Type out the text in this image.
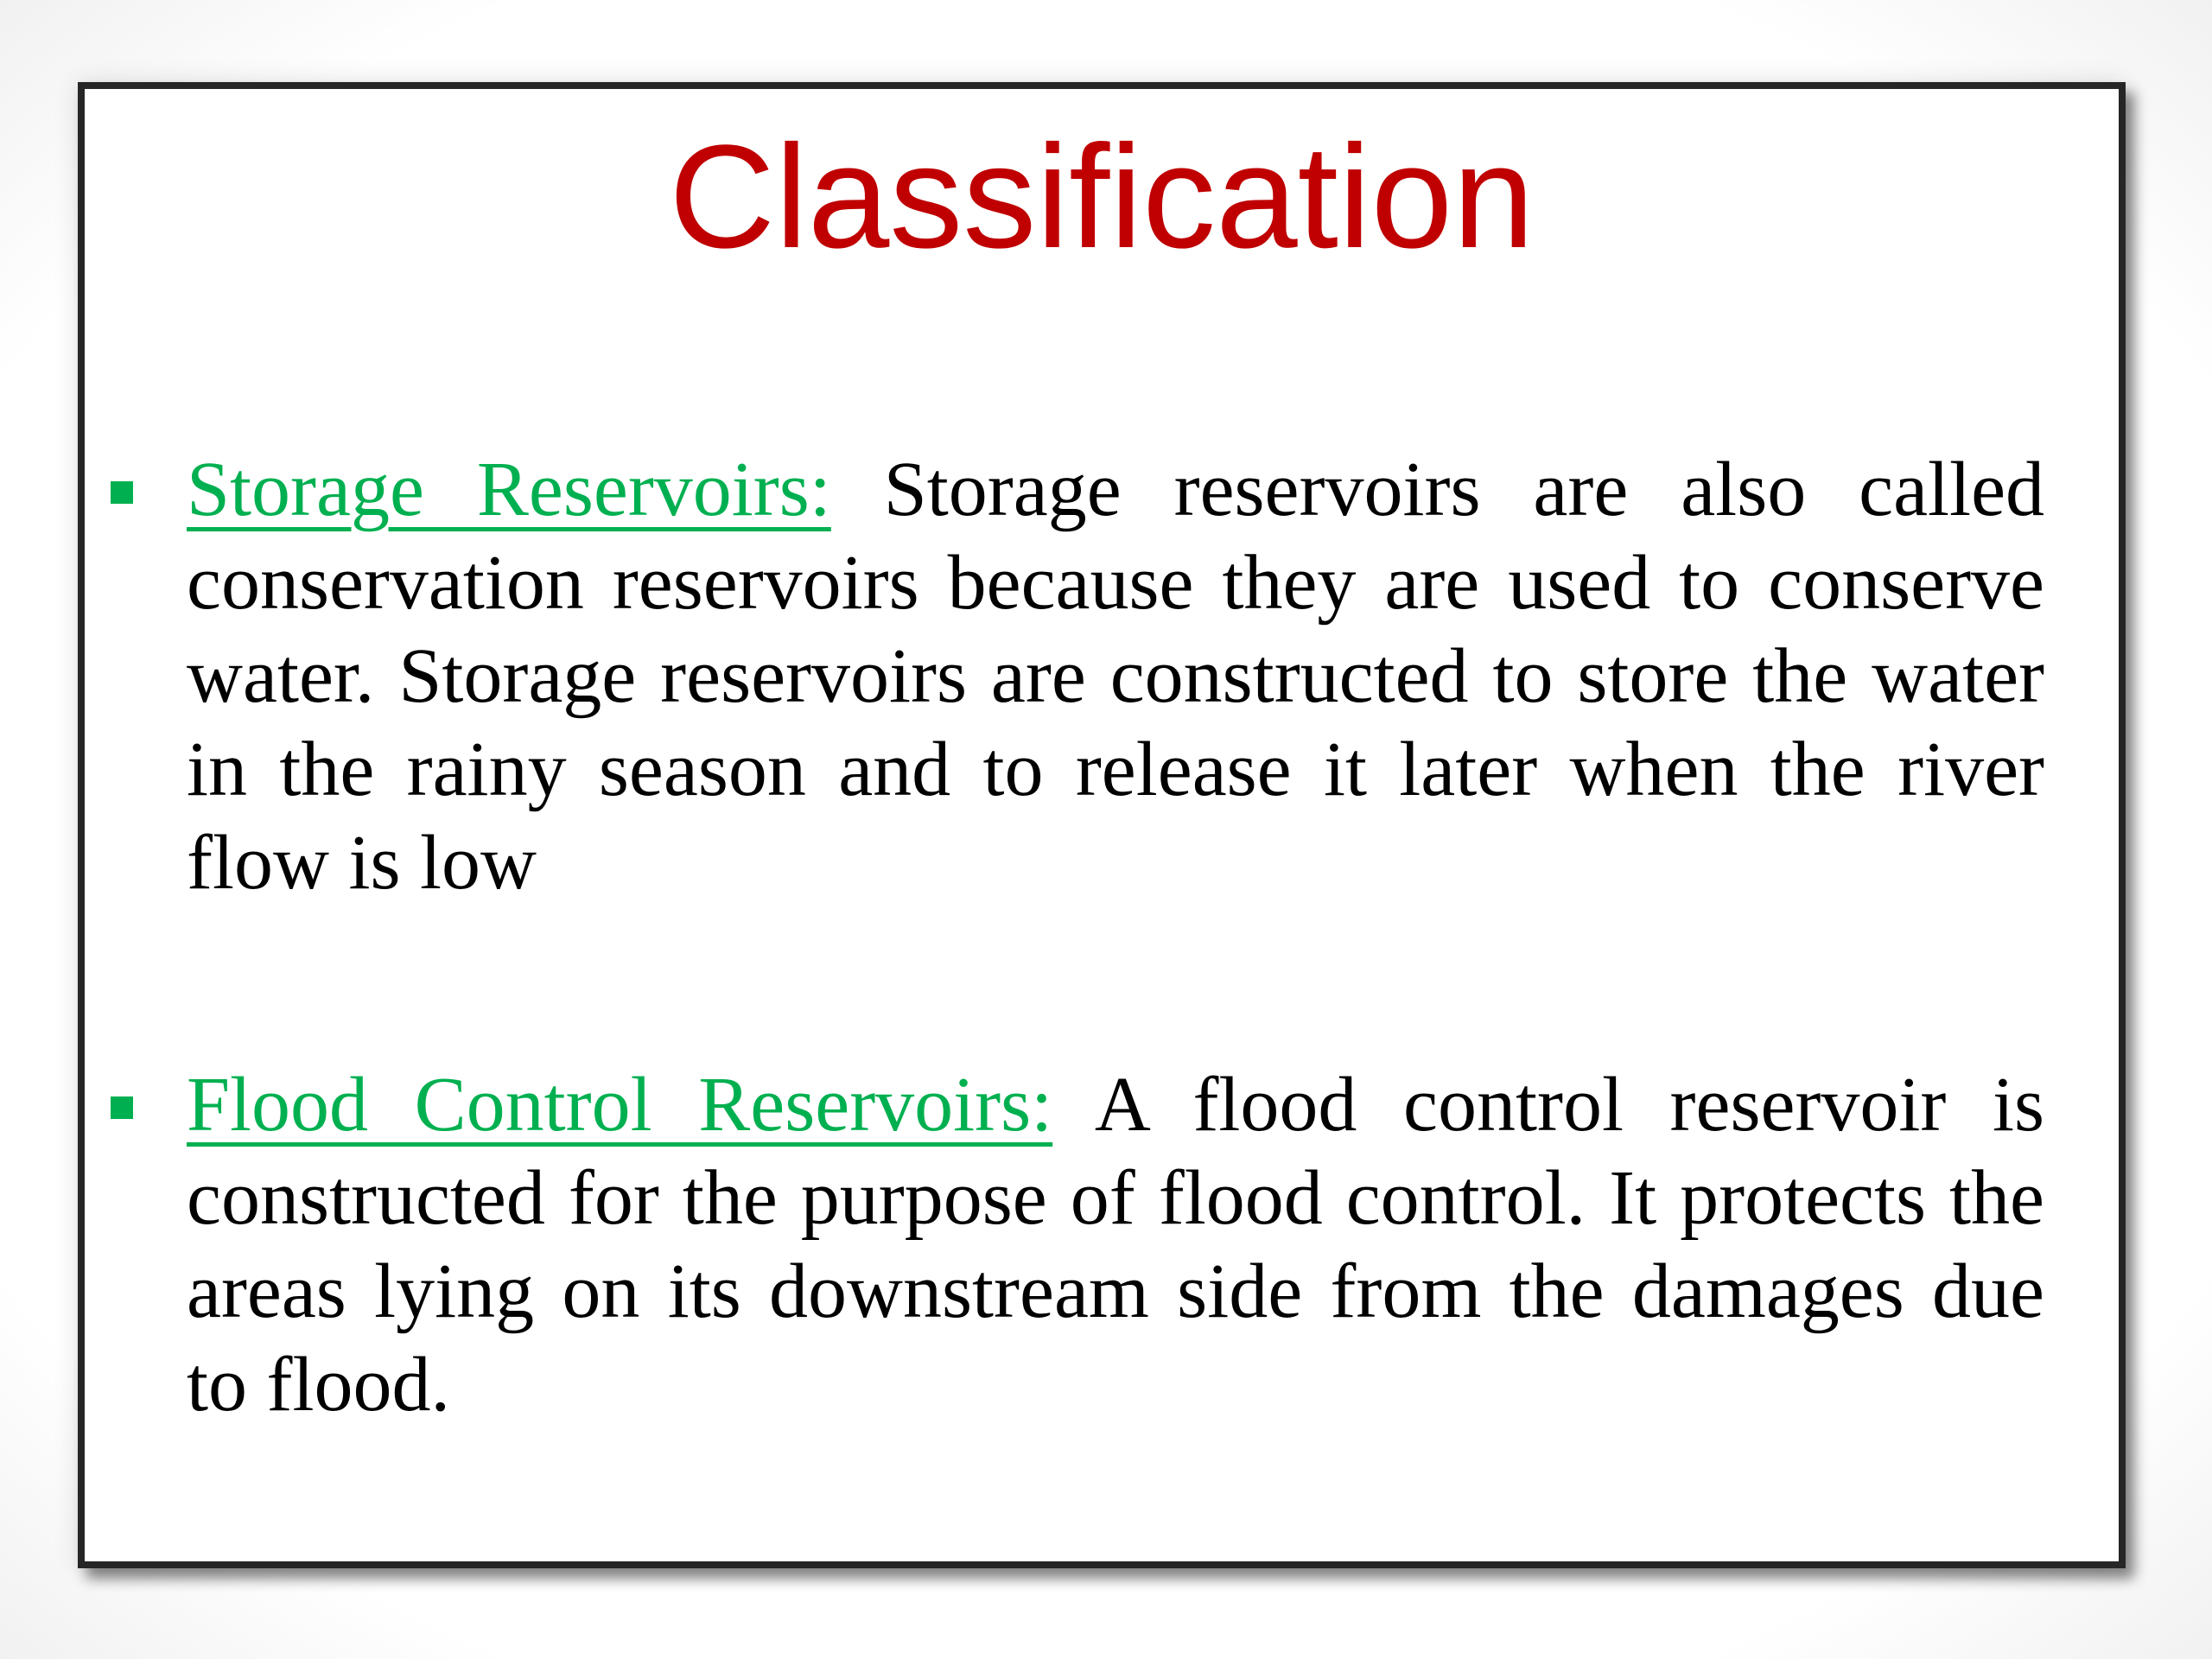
Classification
Storage Reservoirs: Storage reservoirs are also called conservation reservoirs because they are used to conserve water. Storage reservoirs are constructed to store the water in the rainy season and to release it later when the river flow is low
Flood Control Reservoirs: A flood control reservoir is constructed for the purpose of flood control. It protects the areas lying on its downstream side from the damages due to flood.
